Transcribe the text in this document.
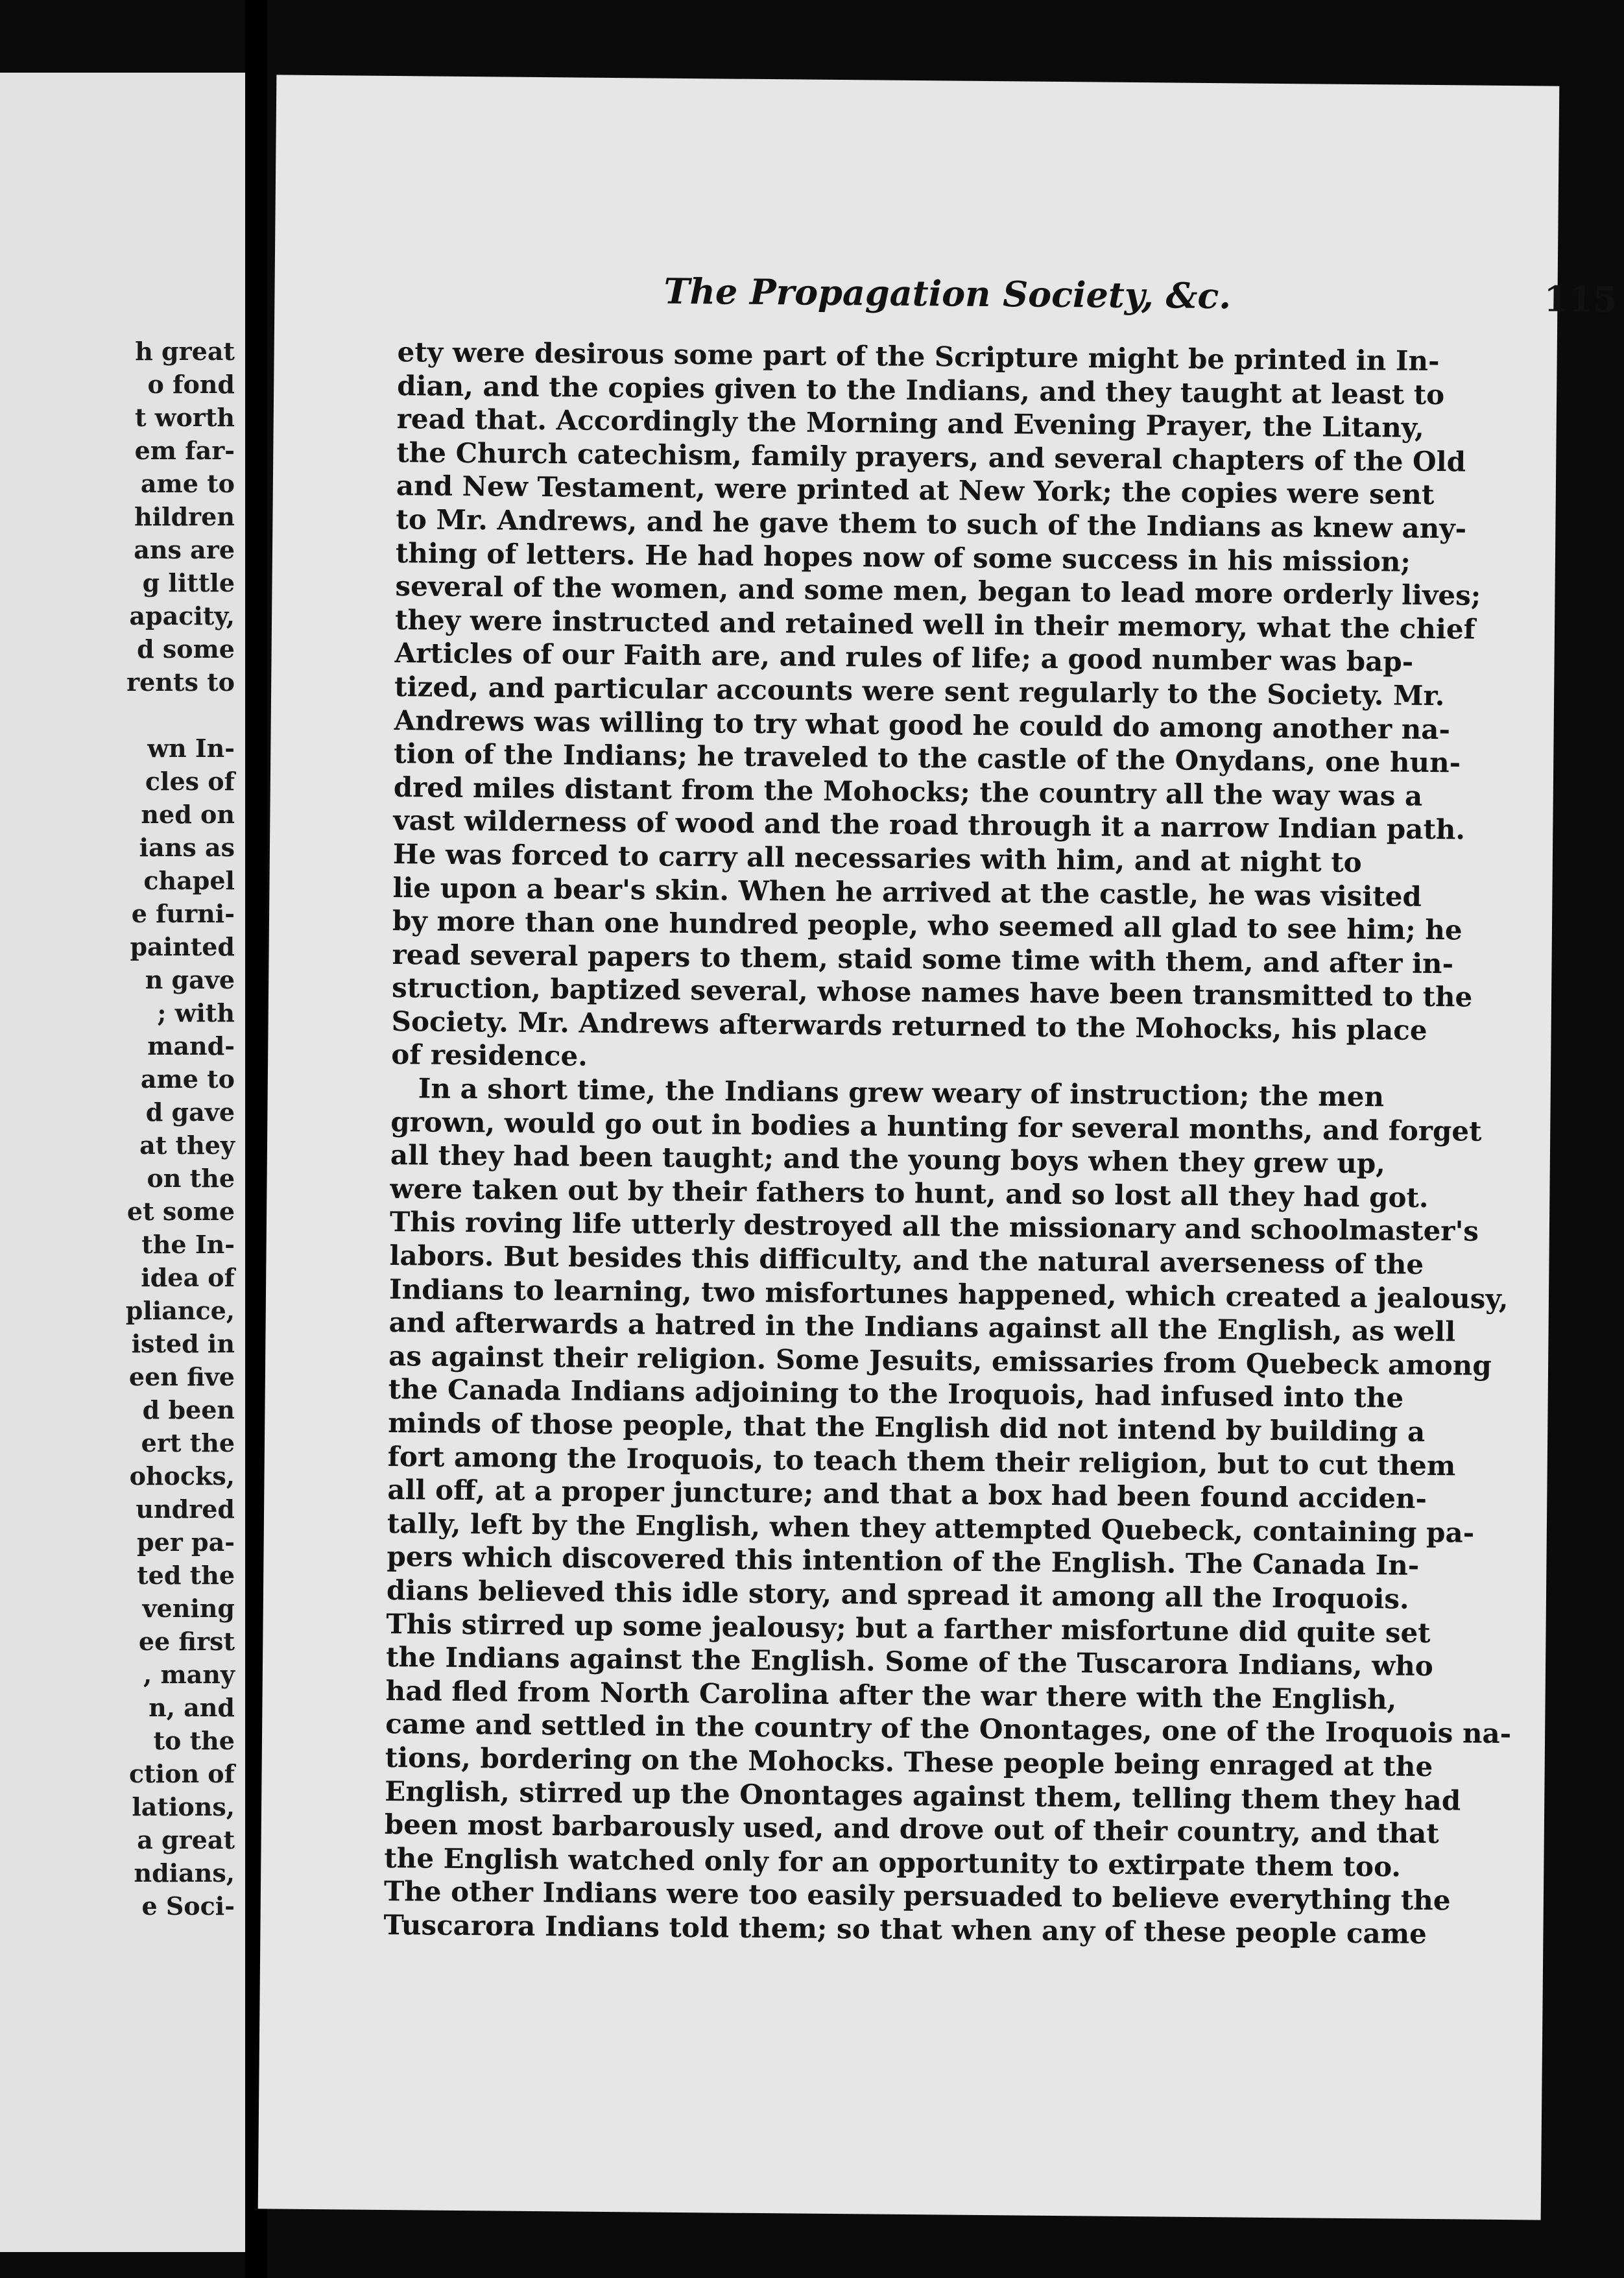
h great
o fond
t worth
em far-
ame to
hildren
ans are
g little
apacity,
d some
rents to
wn In-
cles of
ned on
ians as
chapel
e furni-
painted
n gave
; with
mand-
ame to
d gave
at they
on the
et some
the In-
idea of
pliance,
isted in
een five
d been
ert the
ohocks,
undred
per pa-
ted the
vening
ee first
, many
n, and
to the
ction of
lations,
a great
ndians,
e Soci-
The Propagation Society, &c.	115
ety were desirous some part of the Scripture might be printed in In-
dian, and the copies given to the Indians, and they taught at least to
read that. Accordingly the Morning and Evening Prayer, the Litany,
the Church catechism, family prayers, and several chapters of the Old
and New Testament, were printed at New York; the copies were sent
to Mr. Andrews, and he gave them to such of the Indians as knew any-
thing of letters. He had hopes now of some success in his mission;
several of the women, and some men, began to lead more orderly lives;
they were instructed and retained well in their memory, what the chief
Articles of our Faith are, and rules of life; a good number was bap-
tized, and particular accounts were sent regularly to the Society. Mr.
Andrews was willing to try what good he could do among another na-
tion of the Indians; he traveled to the castle of the Onydans, one hun-
dred miles distant from the Mohocks; the country all the way was a
vast wilderness of wood and the road through it a narrow Indian path.
He was forced to carry all necessaries with him, and at night to
lie upon a bear's skin. When he arrived at the castle, he was visited
by more than one hundred people, who seemed all glad to see him; he
read several papers to them, staid some time with them, and after in-
struction, baptized several, whose names have been transmitted to the
Society. Mr. Andrews afterwards returned to the Mohocks, his place
of residence.
In a short time, the Indians grew weary of instruction; the men
grown, would go out in bodies a hunting for several months, and forget
all they had been taught; and the young boys when they grew up,
were taken out by their fathers to hunt, and so lost all they had got.
This roving life utterly destroyed all the missionary and schoolmaster's
labors. But besides this difficulty, and the natural averseness of the
Indians to learning, two misfortunes happened, which created a jealousy,
and afterwards a hatred in the Indians against all the English, as well
as against their religion. Some Jesuits, emissaries from Quebeck among
the Canada Indians adjoining to the Iroquois, had infused into the
minds of those people, that the English did not intend by building a
fort among the Iroquois, to teach them their religion, but to cut them
all off, at a proper juncture; and that a box had been found acciden-
tally, left by the English, when they attempted Quebeck, containing pa-
pers which discovered this intention of the English. The Canada In-
dians believed this idle story, and spread it among all the Iroquois.
This stirred up some jealousy; but a farther misfortune did quite set
the Indians against the English. Some of the Tuscarora Indians, who
had fled from North Carolina after the war there with the English,
came and settled in the country of the Onontages, one of the Iroquois na-
tions, bordering on the Mohocks. These people being enraged at the
English, stirred up the Onontages against them, telling them they had
been most barbarously used, and drove out of their country, and that
the English watched only for an opportunity to extirpate them too.
The other Indians were too easily persuaded to believe everything the
Tuscarora Indians told them; so that when any of these people came
